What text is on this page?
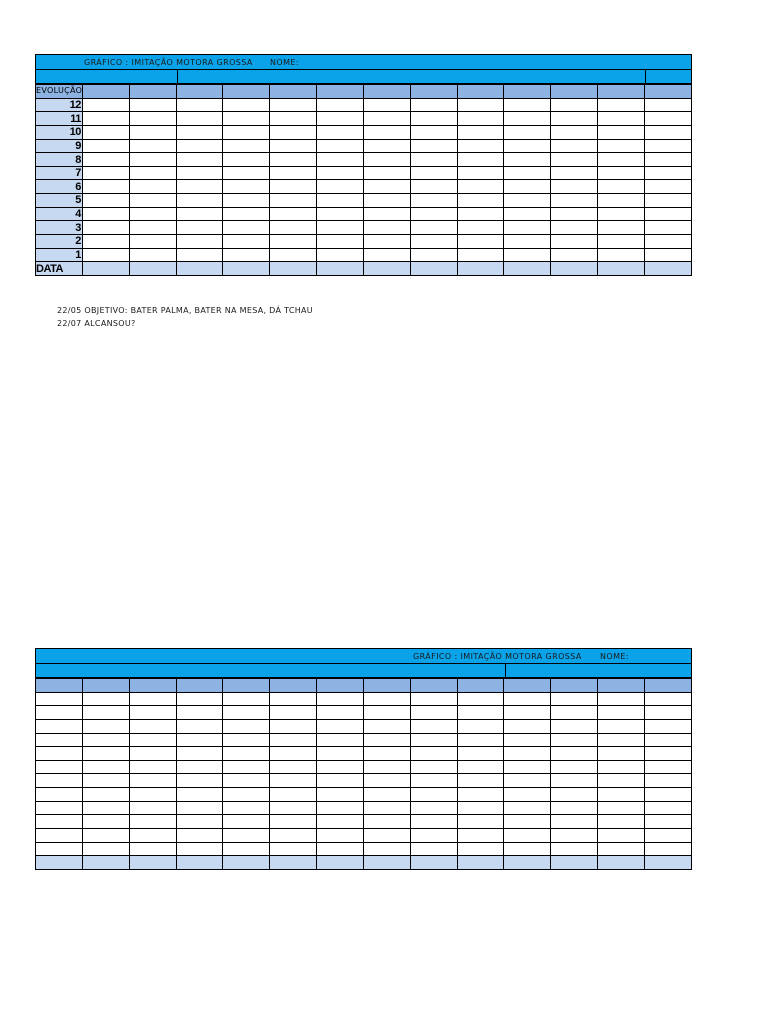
GRÁFICO : IMITAÇÃO MOTORA GROSSA NOME:
EVOLUÇÃO													
12													
11													
10													
9													
8													
7													
6													
5													
4													
3													
2													
1													
DATA													
22/05 OBJETIVO: BATER PALMA, BATER NA MESA, DÁ TCHAU
22/07 ALCANSOU?
GRÁFICO : IMITAÇÃO MOTORA GROSSA NOME:
